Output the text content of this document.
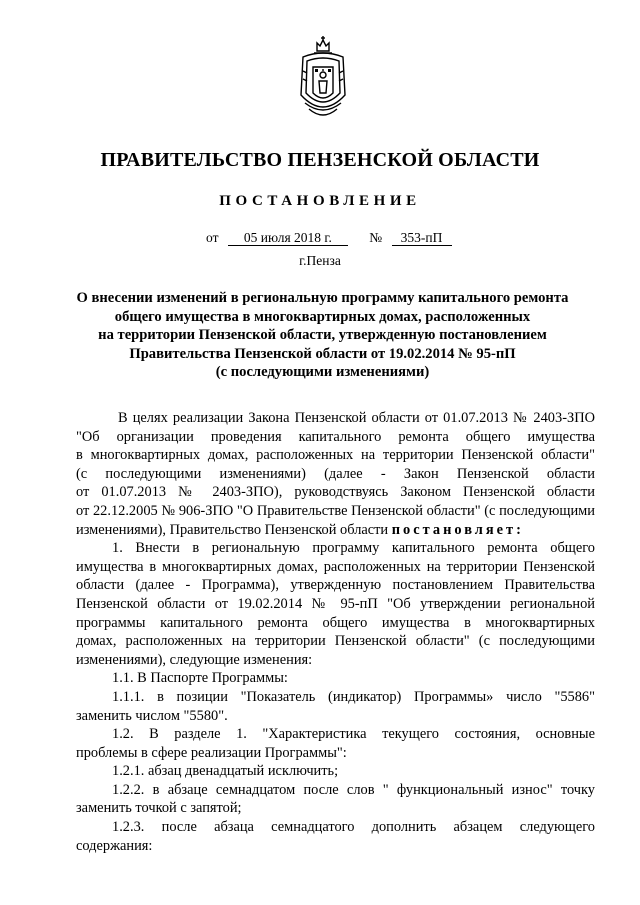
ПРАВИТЕЛЬСТВО ПЕНЗЕНСКОЙ ОБЛАСТИ
ПОСТАНОВЛЕНИЕ
от 05 июля 2018 г.	№ 353-пП
г.Пенза
О внесении изменений в региональную программу капитального ремонта
общего имущества в многоквартирных домах, расположенных
на территории Пензенской области, утвержденную постановлением
Правительства Пензенской области от 19.02.2014 № 95-пП
(с последующими изменениями)
В целях реализации Закона Пензенской области от 01.07.2013 № 2403-ЗПО
"Об организации проведения капитального ремонта общего имущества
в многоквартирных домах, расположенных на территории Пензенской области"
(с последующими изменениями) (далее - Закон Пензенской области
от 01.07.2013 № 2403-ЗПО), руководствуясь Законом Пензенской области
от 22.12.2005 № 906-ЗПО "О Правительстве Пензенской области" (с последующими
изменениями), Правительство Пензенской области постановляет:
1. Внести в региональную программу капитального ремонта общего
имущества в многоквартирных домах, расположенных на территории Пензенской
области (далее - Программа), утвержденную постановлением Правительства
Пензенской области от 19.02.2014 № 95-пП "Об утверждении региональной
программы капитального ремонта общего имущества в многоквартирных
домах, расположенных на территории Пензенской области" (с последующими
изменениями), следующие изменения:
1.1. В Паспорте Программы:
1.1.1. в позиции "Показатель (индикатор) Программы» число "5586"
заменить числом "5580".
1.2. В разделе 1. "Характеристика текущего состояния, основные
проблемы в сфере реализации Программы":
1.2.1. абзац двенадцатый исключить;
1.2.2. в абзаце семнадцатом после слов " функциональный износ" точку
заменить точкой с запятой;
1.2.3. после абзаца семнадцатого дополнить абзацем следующего
содержания:
